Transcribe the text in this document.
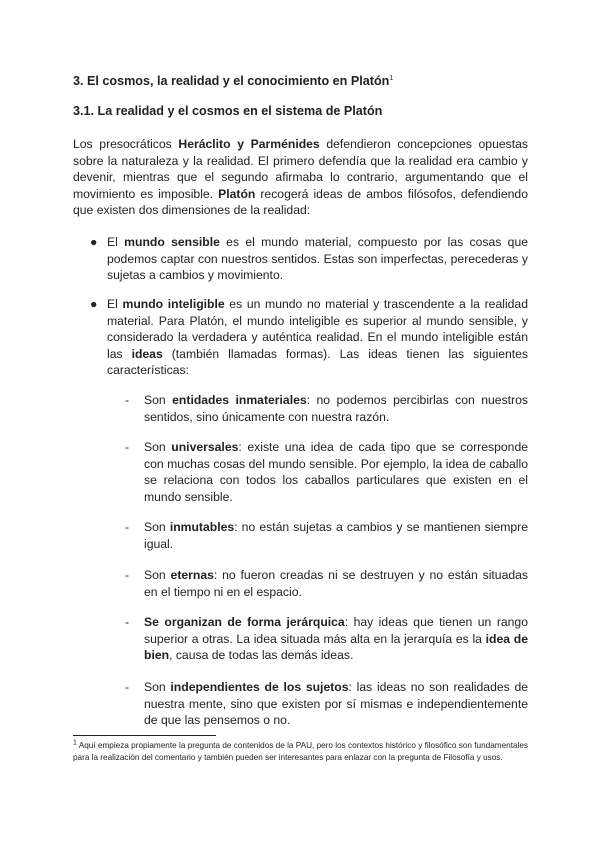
3. El cosmos, la realidad y el conocimiento en Platón$^1$
3.1. La realidad y el cosmos en el sistema de Platón

Los presocráticos Heráclito y Parménides defendieron concepciones opuestas sobre la naturaleza y la realidad. El primero defendía que la realidad era cambio y devenir, mientras que el segundo afirmaba lo contrario, argumentando que el movimiento es imposible. Platón recogerá ideas de ambos filósofos, defendiendo que existen dos dimensiones de la realidad:

● El mundo sensible es el mundo material, compuesto por las cosas que podemos captar con nuestros sentidos. Estas son imperfectas, perecederas y sujetas a cambios y movimiento.

● El mundo inteligible es un mundo no material y trascendente a la realidad material. Para Platón, el mundo inteligible es superior al mundo sensible, y considerado la verdadera y auténtica realidad. En el mundo inteligible están las ideas (también llamadas formas). Las ideas tienen las siguientes características:

-	Son entidades inmateriales: no podemos percibirlas con nuestros sentidos, sino únicamente con nuestra razón.

-	Son universales: existe una idea de cada tipo que se corresponde con muchas cosas del mundo sensible. Por ejemplo, la idea de caballo se relaciona con todos los caballos particulares que existen en el mundo sensible.

-	Son inmutables: no están sujetas a cambios y se mantienen siempre igual.

-	Son eternas: no fueron creadas ni se destruyen y no están situadas en el tiempo ni en el espacio.

-	Se organizan de forma jerárquica: hay ideas que tienen un rango superior a otras. La idea situada más alta en la jerarquía es la idea de bien, causa de todas las demás ideas.

-	Son independientes de los sujetos: las ideas no son realidades de nuestra mente, sino que existen por sí mismas e independientemente de que las pensemos o no.

1 Aquí empieza propiamente la pregunta de contenidos de la PAU, pero los contextos histórico y filosófico son fundamentales para la realización del comentario y también pueden ser interesantes para enlazar con la pregunta de Filosofía y usos.
